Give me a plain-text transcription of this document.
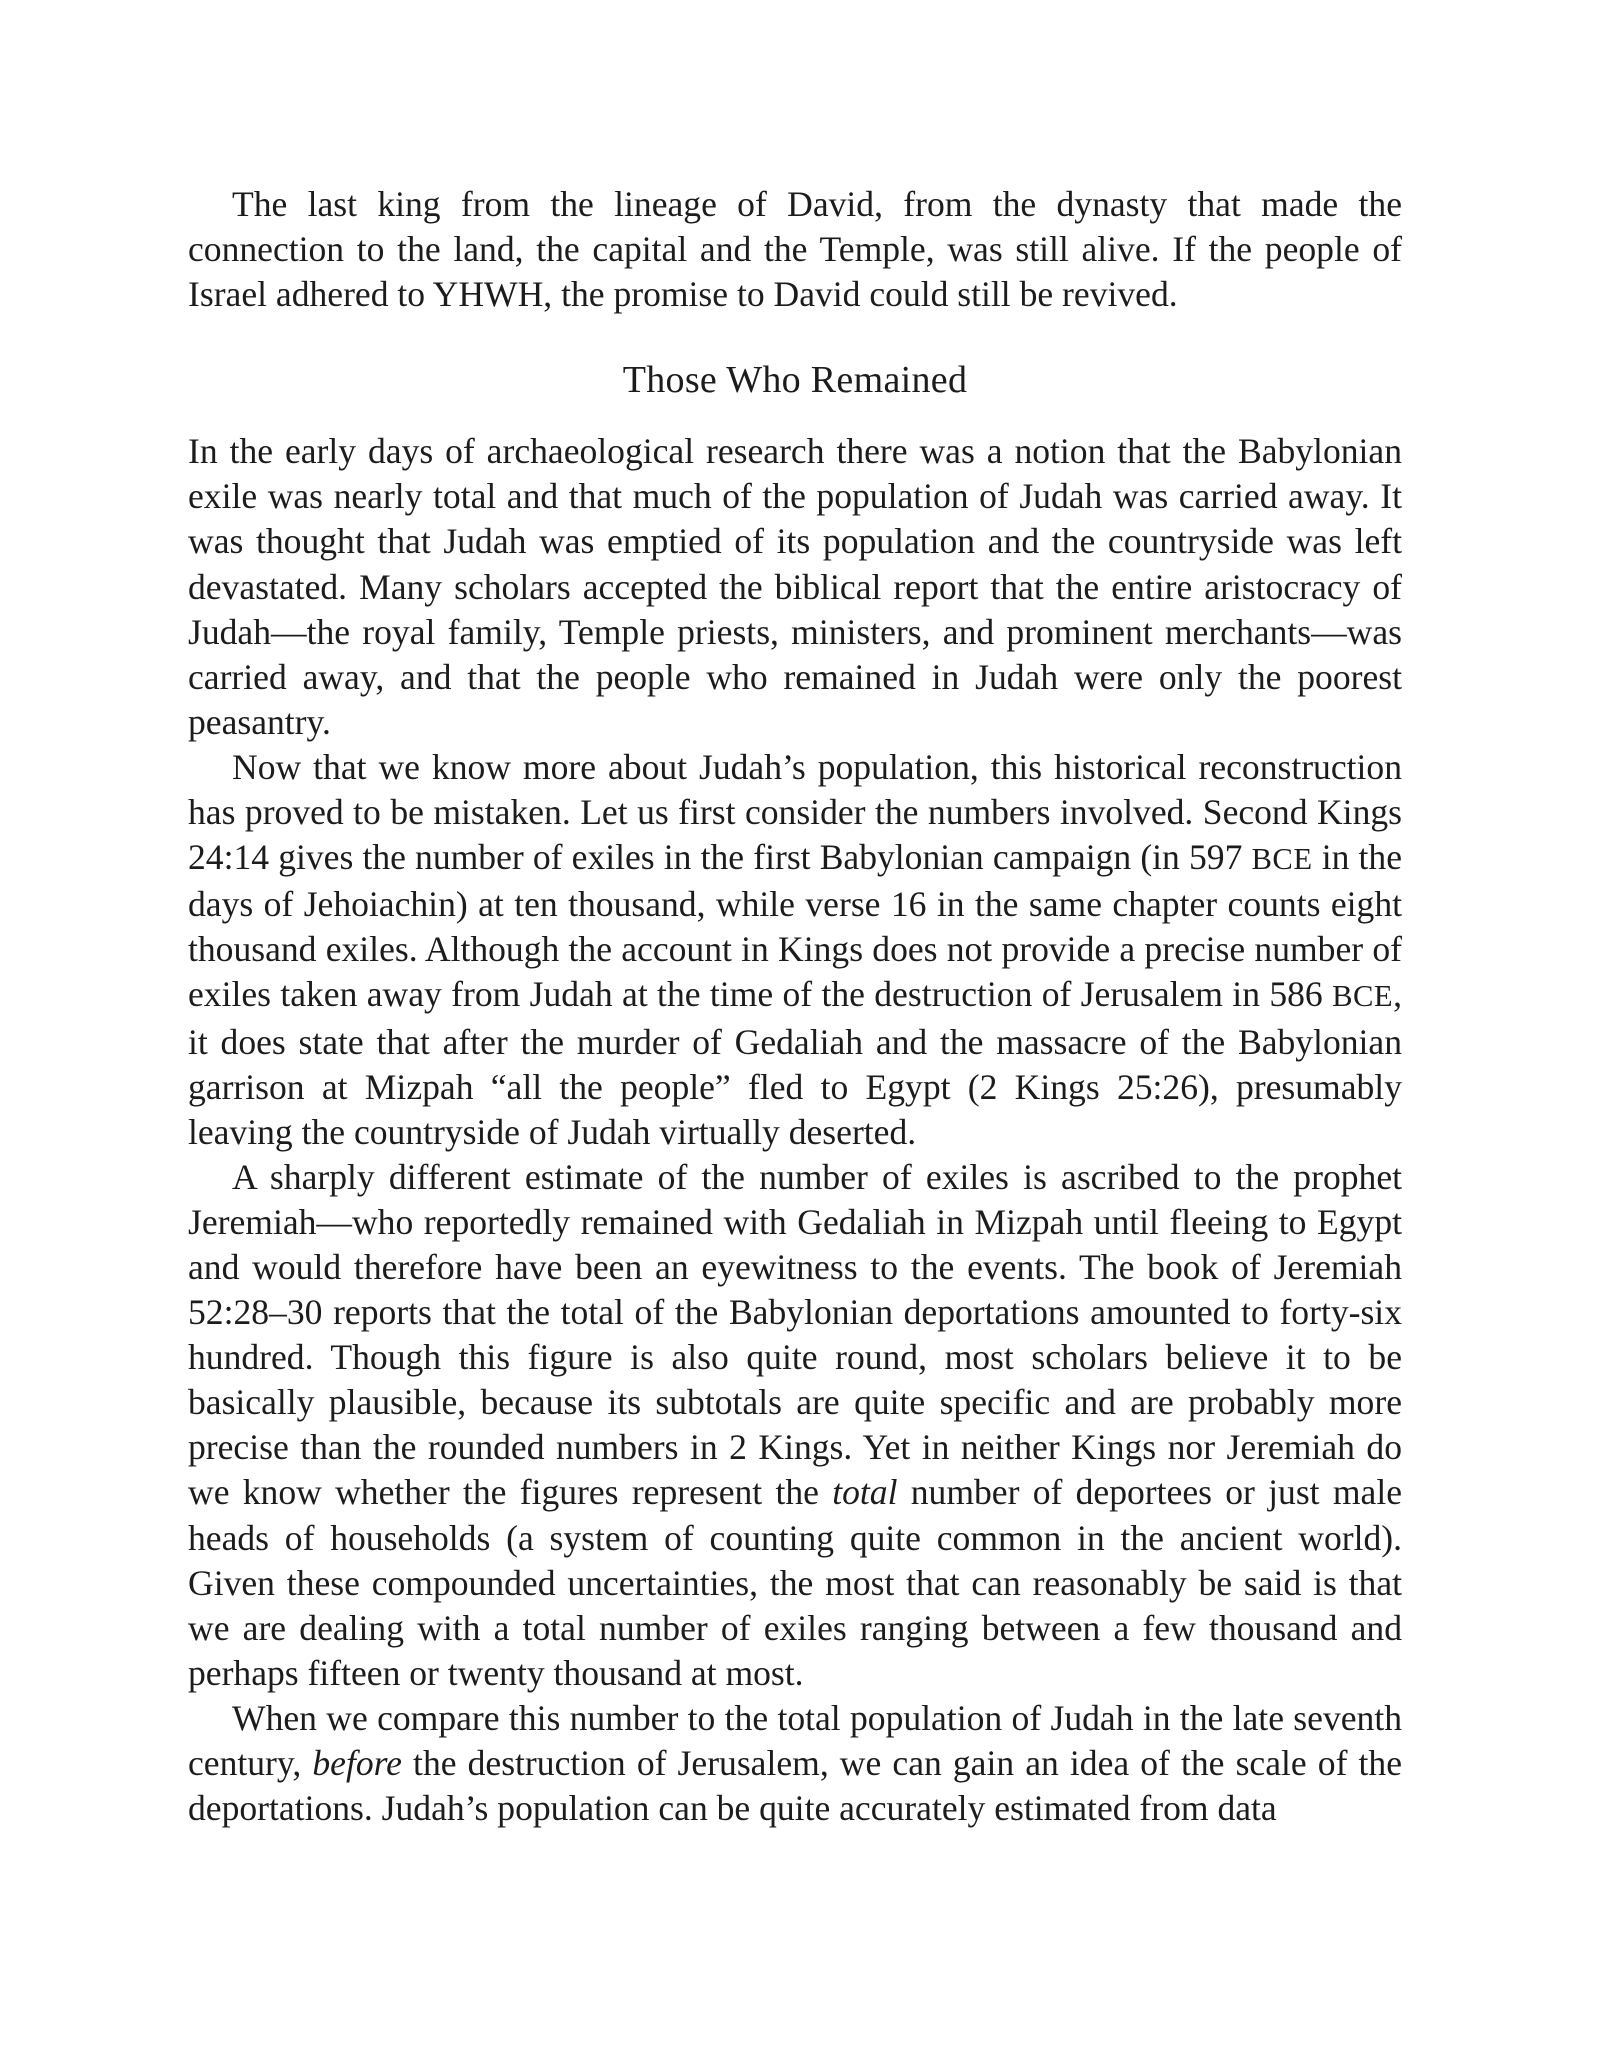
The last king from the lineage of David, from the dynasty that made the connection to the land, the capital and the Temple, was still alive. If the people of Israel adhered to YHWH, the promise to David could still be revived.

Those Who Remained

In the early days of archaeological research there was a notion that the Babylonian exile was nearly total and that much of the population of Judah was carried away. It was thought that Judah was emptied of its population and the countryside was left devastated. Many scholars accepted the biblical report that the entire aristocracy of Judah—the royal family, Temple priests, ministers, and prominent merchants—was carried away, and that the people who remained in Judah were only the poorest peasantry.

Now that we know more about Judah’s population, this historical reconstruction has proved to be mistaken. Let us first consider the numbers involved. Second Kings 24:14 gives the number of exiles in the first Babylonian campaign (in 597 BCE in the days of Jehoiachin) at ten thousand, while verse 16 in the same chapter counts eight thousand exiles. Although the account in Kings does not provide a precise number of exiles taken away from Judah at the time of the destruction of Jerusalem in 586 BCE, it does state that after the murder of Gedaliah and the massacre of the Babylonian garrison at Mizpah “all the people” fled to Egypt (2 Kings 25:26), presumably leaving the countryside of Judah virtually deserted.

A sharply different estimate of the number of exiles is ascribed to the prophet Jeremiah—who reportedly remained with Gedaliah in Mizpah until fleeing to Egypt and would therefore have been an eyewitness to the events. The book of Jeremiah 52:28–30 reports that the total of the Babylonian deportations amounted to forty-six hundred. Though this figure is also quite round, most scholars believe it to be basically plausible, because its subtotals are quite specific and are probably more precise than the rounded numbers in 2 Kings. Yet in neither Kings nor Jeremiah do we know whether the figures represent the total number of deportees or just male heads of households (a system of counting quite common in the ancient world). Given these compounded uncertainties, the most that can reasonably be said is that we are dealing with a total number of exiles ranging between a few thousand and perhaps fifteen or twenty thousand at most.

When we compare this number to the total population of Judah in the late seventh century, before the destruction of Jerusalem, we can gain an idea of the scale of the deportations. Judah’s population can be quite accurately estimated from data
